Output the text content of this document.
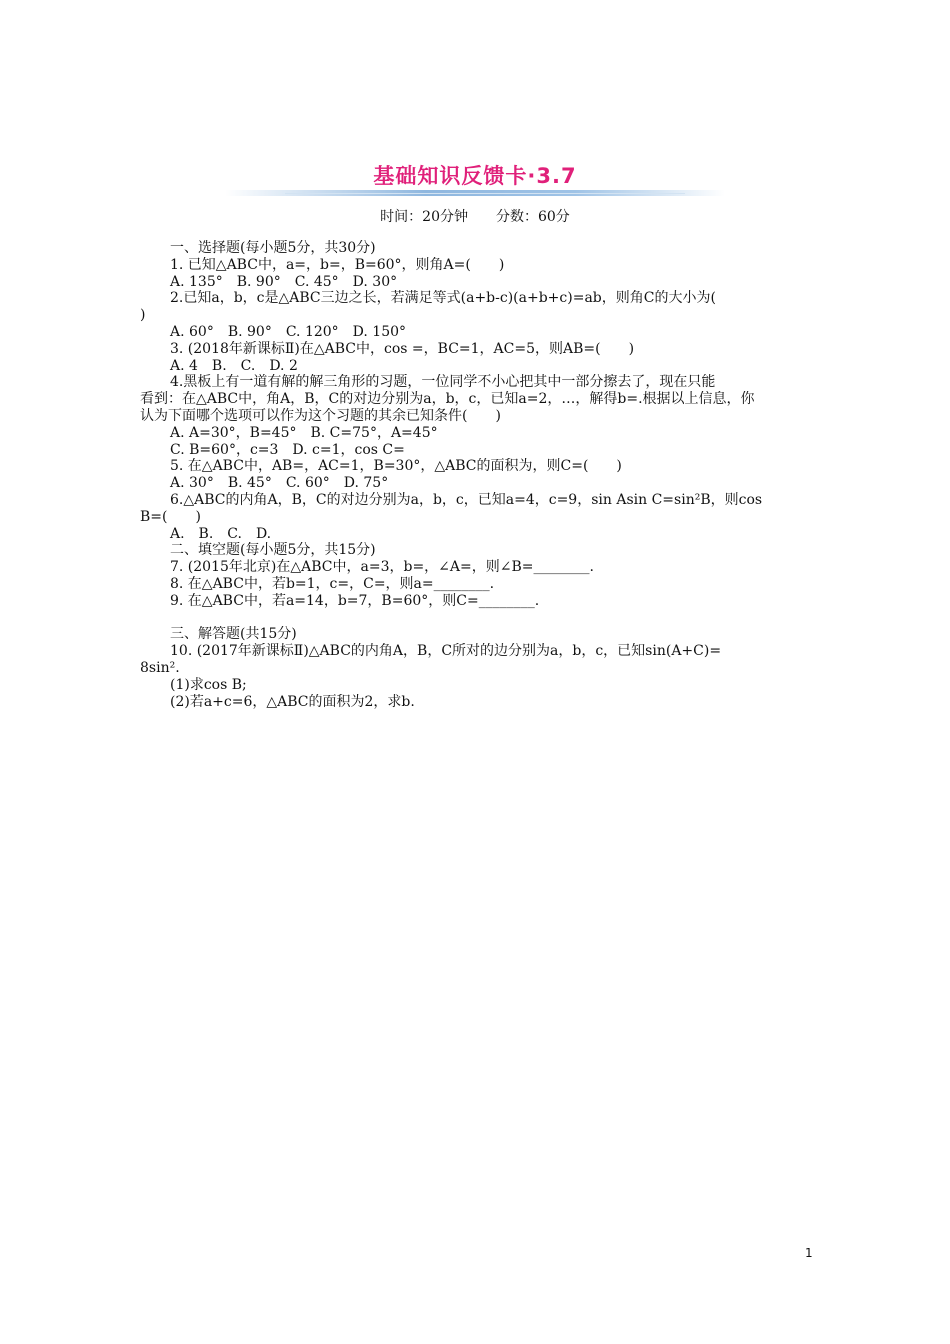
基础知识反馈卡·3.7
时间：20分钟　　分数：60分
一、选择题(每小题5分，共30分)
1. 已知△ABC中，a=，b=，B=60°，则角A=(　　)
A. 135°　B. 90°　C. 45°　D. 30°
2.已知a，b，c是△ABC三边之长，若满足等式(a+b-c)(a+b+c)=ab，则角C的大小为(
)
A. 60°　B. 90°　C. 120°　D. 150°
3. (2018年新课标Ⅱ)在△ABC中，cos =，BC=1，AC=5，则AB=(　　)
A. 4　B.　C.　D. 2
4.黑板上有一道有解的解三角形的习题，一位同学不小心把其中一部分擦去了，现在只能
看到：在△ABC中，角A，B，C的对边分别为a，b，c，已知a=2，…，解得b=.根据以上信息，你
认为下面哪个选项可以作为这个习题的其余已知条件(　　)
A. A=30°，B=45°　B. C=75°，A=45°
C. B=60°，c=3　D. c=1，cos C=
5. 在△ABC中，AB=，AC=1，B=30°，△ABC的面积为，则C=(　　)
A. 30°　B. 45°　C. 60°　D. 75°
6.△ABC的内角A，B，C的对边分别为a，b，c，已知a=4，c=9，sin Asin C=sin²B，则cos
B=(　　)
A.　B.　C.　D.
二、填空题(每小题5分，共15分)
7. (2015年北京)在△ABC中，a=3，b=，∠A=，则∠B=________.
8. 在△ABC中，若b=1，c=，C=，则a=________.
9. 在△ABC中，若a=14，b=7，B=60°，则C=________.
三、解答题(共15分)
10. (2017年新课标Ⅱ)△ABC的内角A，B，C所对的边分别为a，b，c，已知sin(A+C)=
8sin².
(1)求cos B;
(2)若a+c=6，△ABC的面积为2，求b.
1
